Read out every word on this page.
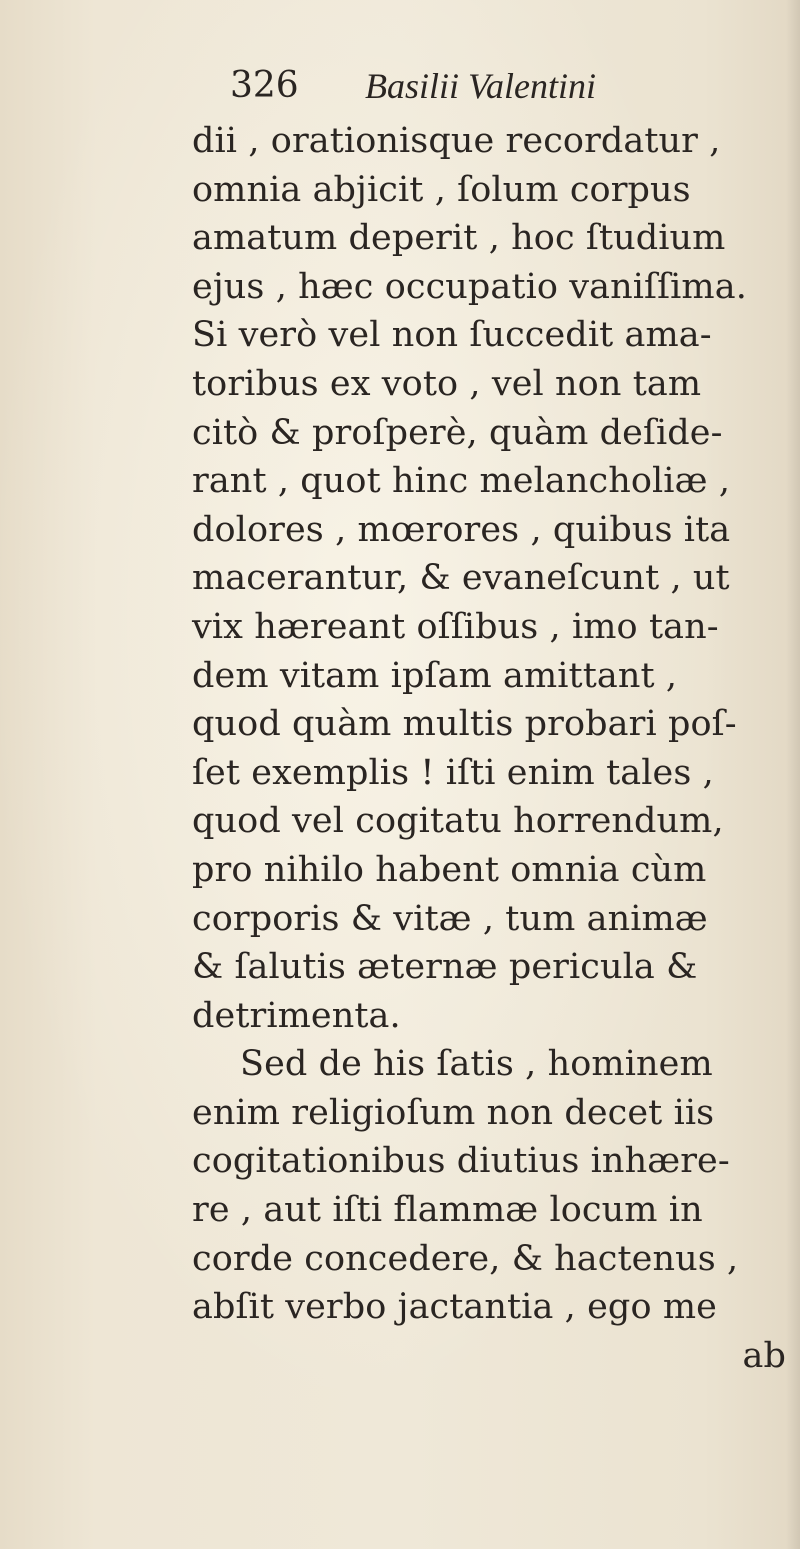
326 Basilii Valentini
dii , orationisque recordatur ,
omnia abjicit , ſolum corpus
amatum deperit , hoc ſtudium
ejus , hæc occupatio vaniſſima.
Si verò vel non ſuccedit ama-
toribus ex voto , vel non tam
citò & proſperè, quàm deſide-
rant , quot hinc melancholiæ ,
dolores , mœrores , quibus ita
macerantur, & evaneſcunt , ut
vix hæreant oſſibus , imo tan-
dem vitam ipſam amittant ,
quod quàm multis probari poſ-
ſet exemplis ! iſti enim tales ,
quod vel cogitatu horrendum,
pro nihilo habent omnia cùm
corporis & vitæ , tum animæ
& ſalutis æternæ pericula &
detrimenta.
Sed de his ſatis , hominem
enim religioſum non decet iis
cogitationibus diutius inhære-
re , aut iſti flammæ locum in
corde concedere, & hactenus ,
abſit verbo jactantia , ego me
ab
